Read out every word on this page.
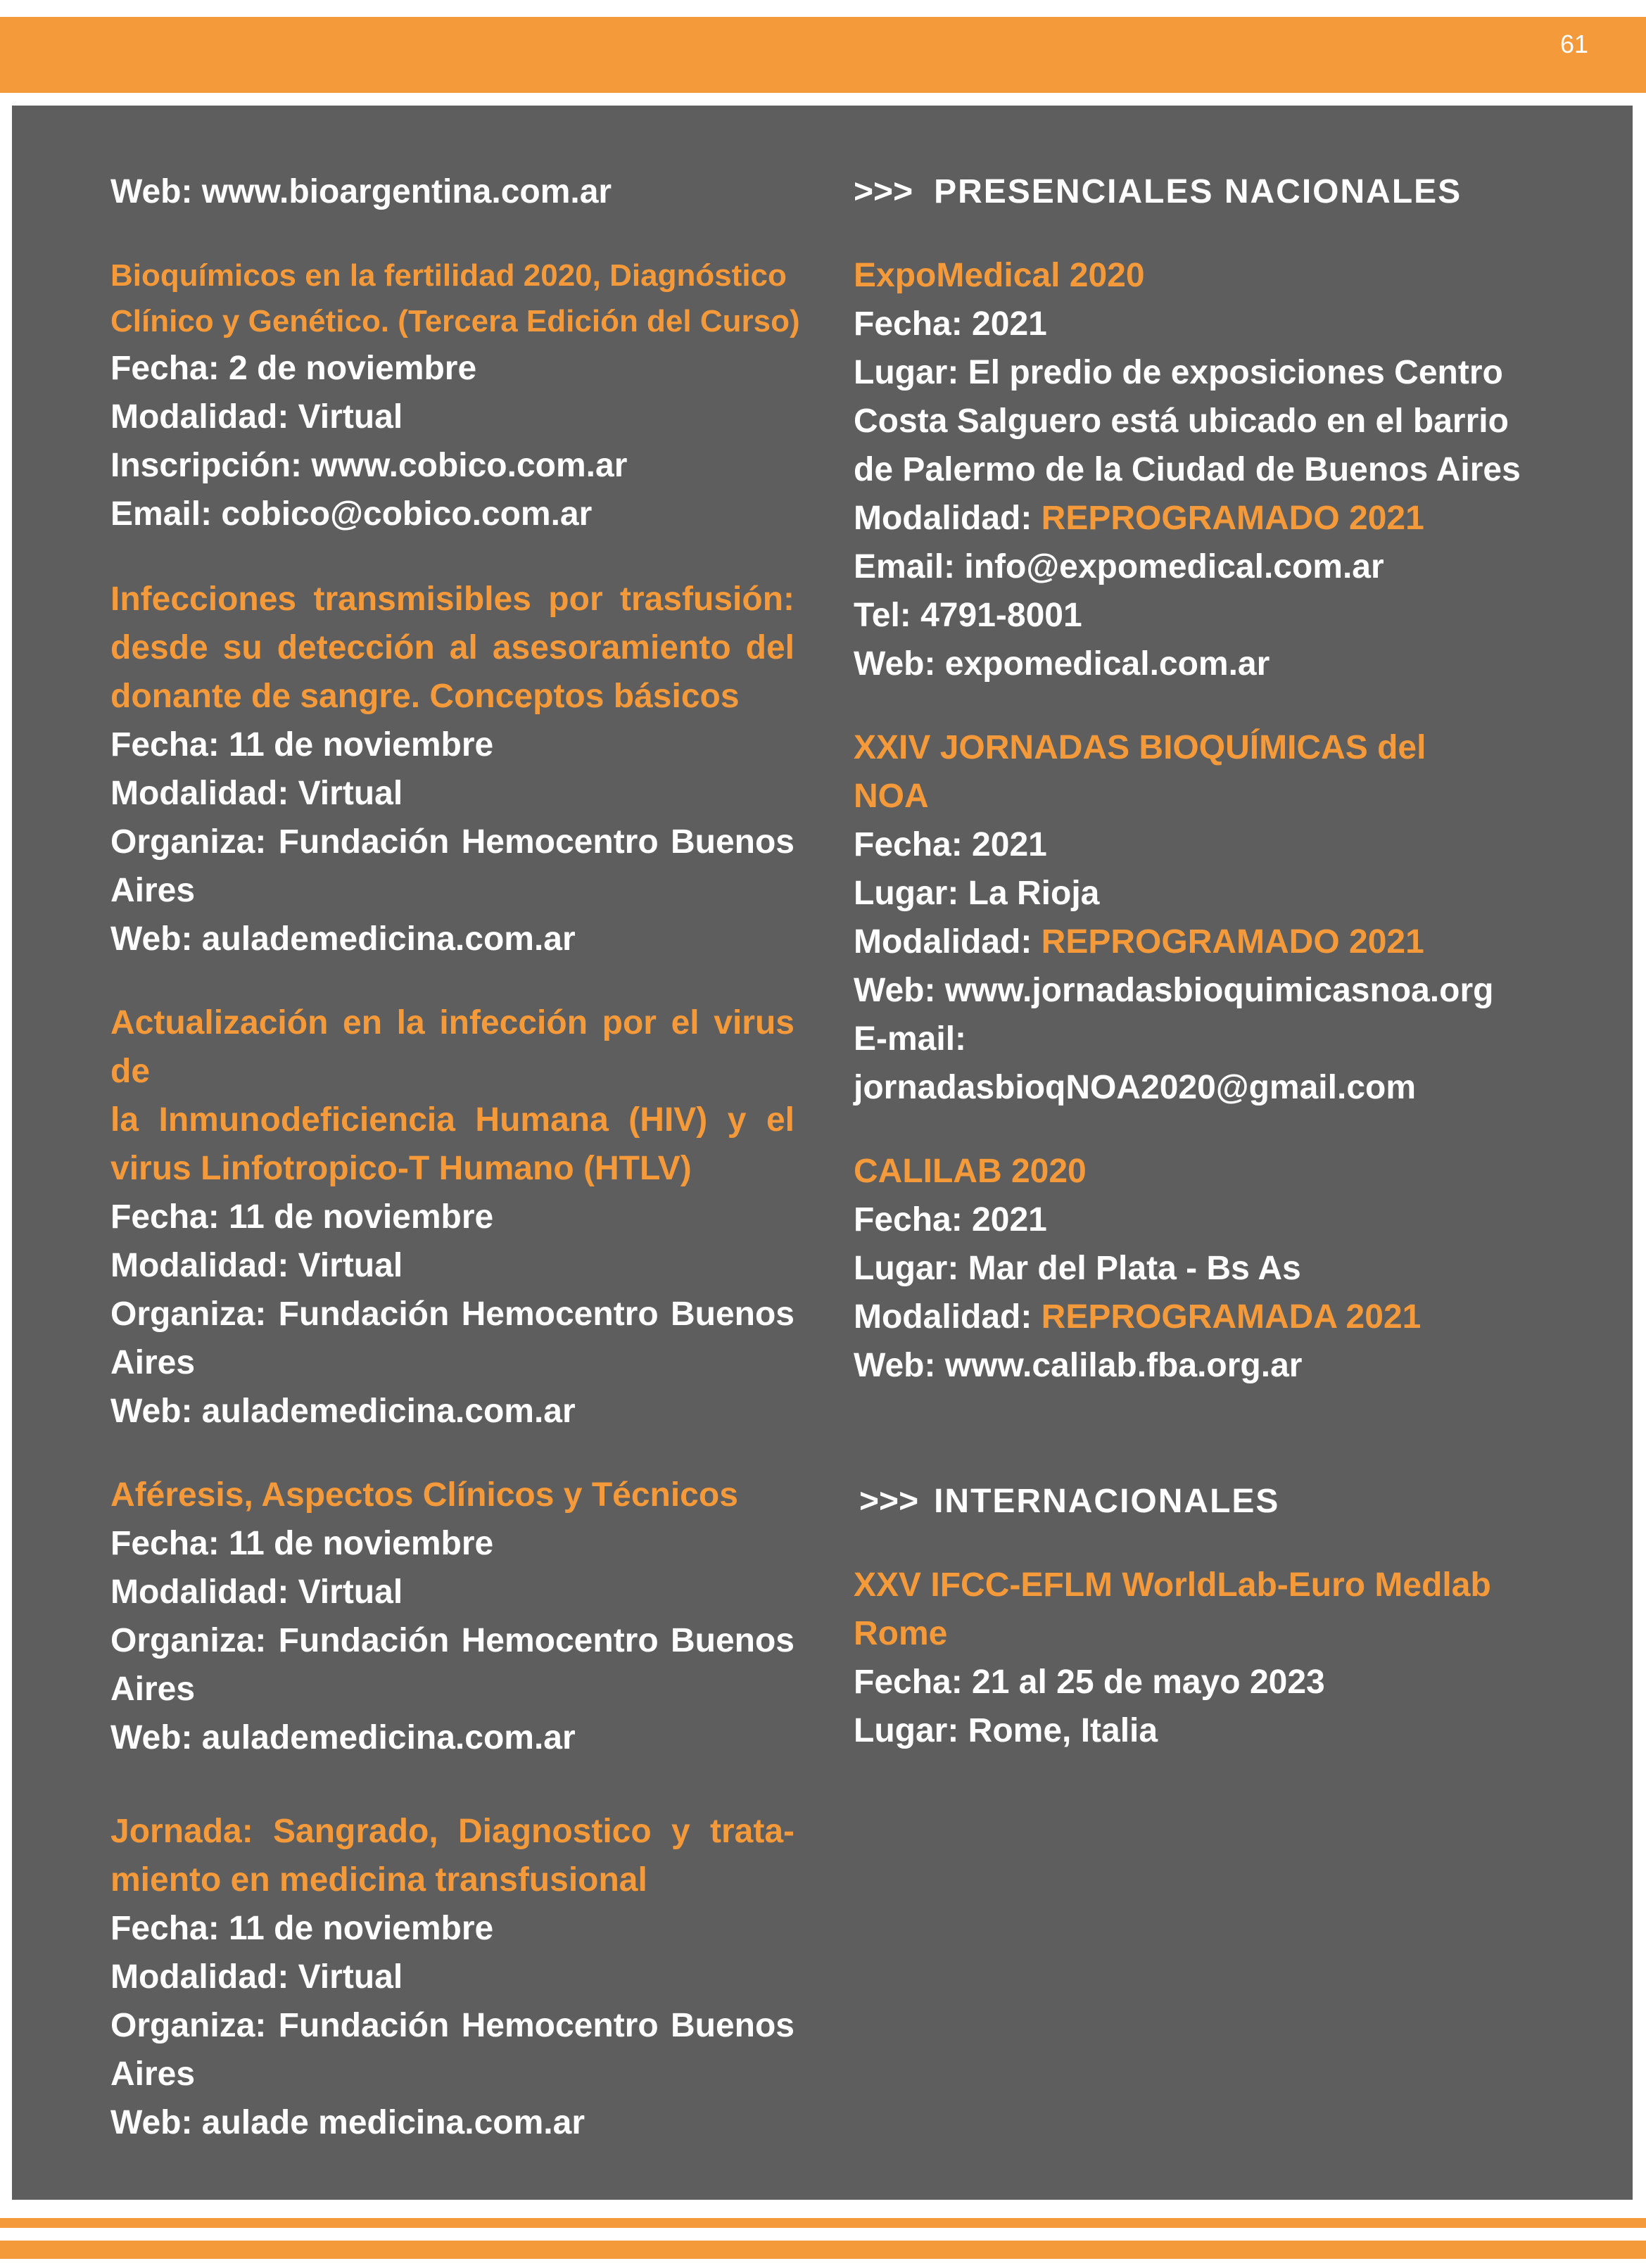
61
Web: www.bioargentina.com.ar
Bioquímicos en la fertilidad 2020, Diagnóstico
Clínico y Genético. (Tercera Edición del Curso)
Fecha: 2 de noviembre
Modalidad: Virtual
Inscripción: www.cobico.com.ar
Email: cobico@cobico.com.ar
Infecciones transmisibles por trasfusión:
desde su detección al asesoramiento del
donante de sangre. Conceptos básicos
Fecha: 11 de noviembre
Modalidad: Virtual
Organiza: Fundación Hemocentro Buenos
Aires
Web: aulademedicina.com.ar
Actualización en la infección por el virus de
la Inmunodeficiencia Humana (HIV) y el
virus Linfotropico-T Humano (HTLV)
Fecha: 11 de noviembre
Modalidad: Virtual
Organiza: Fundación Hemocentro Buenos
Aires
Web: aulademedicina.com.ar
Aféresis, Aspectos Clínicos y Técnicos
Fecha: 11 de noviembre
Modalidad: Virtual
Organiza: Fundación Hemocentro Buenos
Aires
Web: aulademedicina.com.ar
Jornada: Sangrado, Diagnostico y trata-
miento en medicina transfusional
Fecha: 11 de noviembre
Modalidad: Virtual
Organiza: Fundación Hemocentro Buenos
Aires
Web: aulade medicina.com.ar
>>> PRESENCIALES NACIONALES
ExpoMedical 2020
Fecha: 2021
Lugar: El predio de exposiciones Centro
Costa Salguero está ubicado en el barrio
de Palermo de la Ciudad de Buenos Aires
Modalidad: REPROGRAMADO 2021
Email: info@expomedical.com.ar
Tel: 4791-8001
Web: expomedical.com.ar
XXIV JORNADAS BIOQUÍMICAS del
NOA
Fecha: 2021
Lugar: La Rioja
Modalidad: REPROGRAMADO 2021
Web: www.jornadasbioquimicasnoa.org
E-mail:
jornadasbioqNOA2020@gmail.com
CALILAB 2020
Fecha: 2021
Lugar: Mar del Plata - Bs As
Modalidad: REPROGRAMADA 2021
Web: www.calilab.fba.org.ar
>>> INTERNACIONALES
XXV IFCC-EFLM WorldLab-Euro Medlab
Rome
Fecha: 21 al 25 de mayo 2023
Lugar: Rome, Italia
